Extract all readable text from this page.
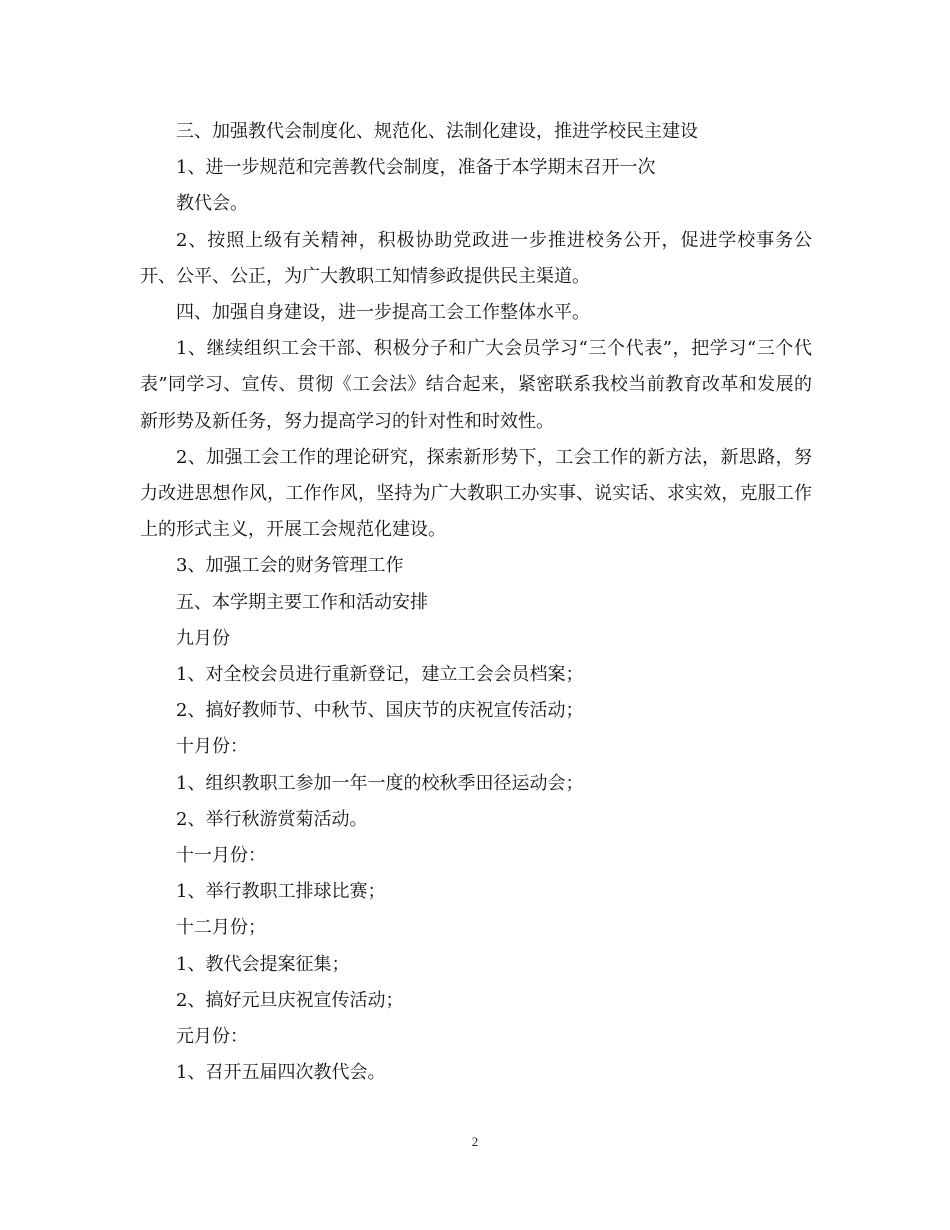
三、加强教代会制度化、规范化、法制化建设，推进学校民主建设

1、进一步规范和完善教代会制度，准备于本学期末召开一次

教代会。

2、按照上级有关精神，积极协助党政进一步推进校务公开，促进学校事务公开、公平、公正，为广大教职工知情参政提供民主渠道。

四、加强自身建设，进一步提高工会工作整体水平。

1、继续组织工会干部、积极分子和广大会员学习“三个代表”，把学习“三个代表”同学习、宣传、贯彻《工会法》结合起来，紧密联系我校当前教育改革和发展的新形势及新任务，努力提高学习的针对性和时效性。

2、加强工会工作的理论研究，探索新形势下，工会工作的新方法，新思路，努力改进思想作风，工作作风，坚持为广大教职工办实事、说实话、求实效，克服工作上的形式主义，开展工会规范化建设。

3、加强工会的财务管理工作

五、本学期主要工作和活动安排

九月份

1、对全校会员进行重新登记，建立工会会员档案；

2、搞好教师节、中秋节、国庆节的庆祝宣传活动；

十月份：

1、组织教职工参加一年一度的校秋季田径运动会；

2、举行秋游赏菊活动。

十一月份：

1、举行教职工排球比赛；

十二月份；

1、教代会提案征集；

2、搞好元旦庆祝宣传活动；

元月份：

1、召开五届四次教代会。

2
